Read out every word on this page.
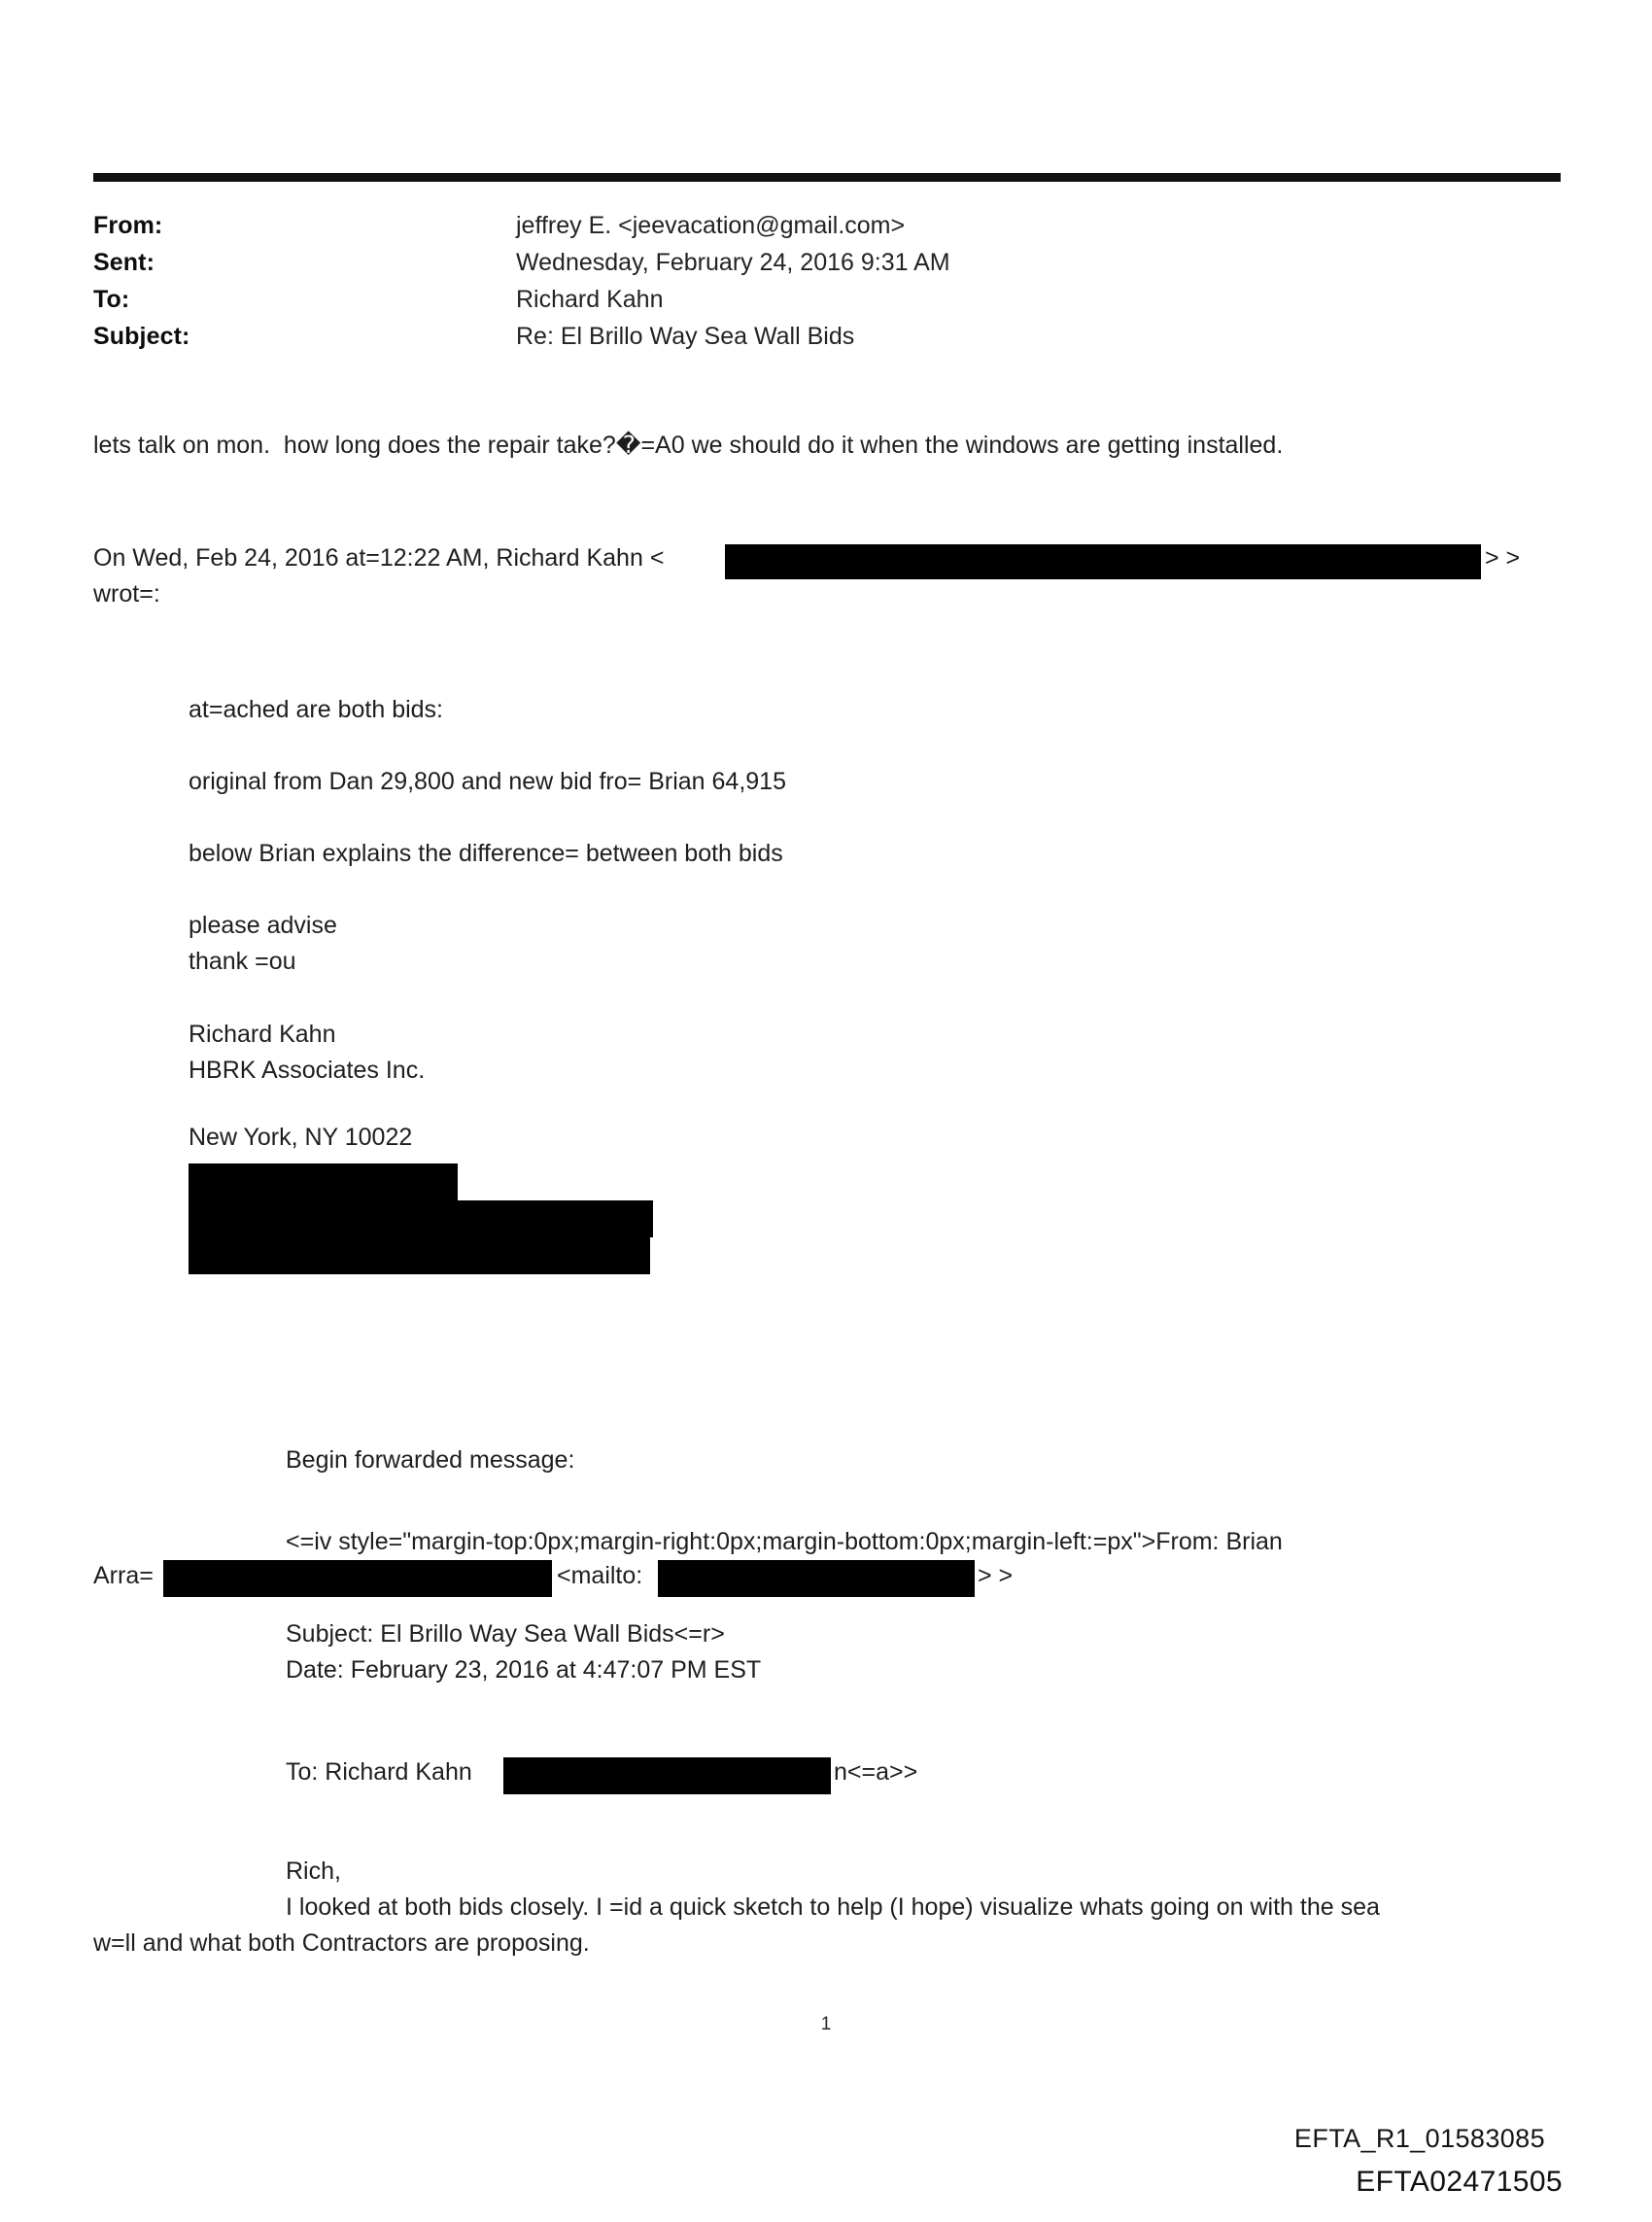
From:	jeffrey E. <jeevacation@gmail.com>
Sent:	Wednesday, February 24, 2016 9:31 AM
To:	Richard Kahn
Subject:	Re: El Brillo Way Sea Wall Bids
lets talk on mon.  how long does the repair take?�=A0 we should do it when the windows are getting installed.
On Wed, Feb 24, 2016 at=12:22 AM, Richard Kahn <	> >
wrot=:
at=ached are both bids:
original from Dan 29,800 and new bid fro= Brian 64,915
below Brian explains the difference= between both bids
please advise
thank =ou
Richard Kahn
HBRK Associates Inc.
New York, NY 10022
Begin forwarded message:
<=iv style="margin-top:0px;margin-right:0px;margin-bottom:0px;margin-left:=px">From: Brian
Arra=	<mailto:	> >
Subject: El Brillo Way Sea Wall Bids<=r>
Date: February 23, 2016 at 4:47:07 PM EST
To: Richard Kahn	n<=a>>
Rich,
I looked at both bids closely. I =id a quick sketch to help (I hope) visualize whats going on with the sea
w=ll and what both Contractors are proposing.
1
EFTA_R1_01583085
EFTA02471505
